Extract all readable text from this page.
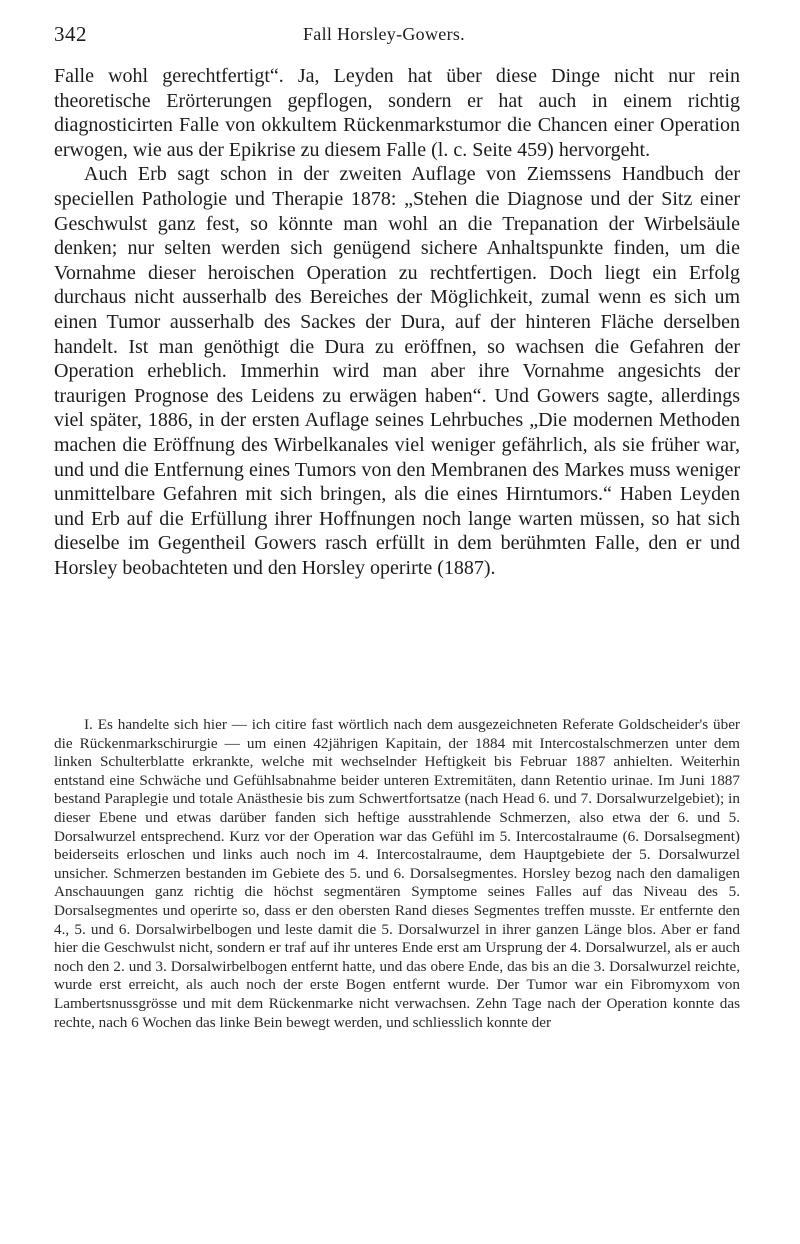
342	Fall Horsley-Gowers.

Falle wohl gerechtfertigt“. Ja, Leyden hat über diese Dinge nicht nur rein theoretische Erörterungen gepflogen, sondern er hat auch in einem richtig diagnosticirten Falle von okkultem Rückenmarkstumor die Chancen einer Operation erwogen, wie aus der Epikrise zu diesem Falle (l. c. Seite 459) hervorgeht.

Auch Erb sagt schon in der zweiten Auflage von Ziemssens Handbuch der speciellen Pathologie und Therapie 1878: „Stehen die Diagnose und der Sitz einer Geschwulst ganz fest, so könnte man wohl an die Trepanation der Wirbelsäule denken; nur selten werden sich genügend sichere Anhaltspunkte finden, um die Vornahme dieser heroischen Operation zu rechtfertigen. Doch liegt ein Erfolg durchaus nicht ausserhalb des Bereiches der Möglichkeit, zumal wenn es sich um einen Tumor ausserhalb des Sackes der Dura, auf der hinteren Fläche derselben handelt. Ist man genöthigt die Dura zu eröffnen, so wachsen die Gefahren der Operation erheblich. Immerhin wird man aber ihre Vornahme angesichts der traurigen Prognose des Leidens zu erwägen haben“. Und Gowers sagte, allerdings viel später, 1886, in der ersten Auflage seines Lehrbuches „Die modernen Methoden machen die Eröffnung des Wirbelkanales viel weniger gefährlich, als sie früher war, und und die Entfernung eines Tumors von den Membranen des Markes muss weniger unmittelbare Gefahren mit sich bringen, als die eines Hirntumors.“ Haben Leyden und Erb auf die Erfüllung ihrer Hoffnungen noch lange warten müssen, so hat sich dieselbe im Gegentheil Gowers rasch erfüllt in dem berühmten Falle, den er und Horsley beobachteten und den Horsley operirte (1887).

I. Es handelte sich hier — ich citire fast wörtlich nach dem ausgezeichneten Referate Goldscheider's über die Rückenmarkschirurgie — um einen 42jährigen Kapitain, der 1884 mit Intercostalschmerzen unter dem linken Schulterblatte erkrankte, welche mit wechselnder Heftigkeit bis Februar 1887 anhielten. Weiterhin entstand eine Schwäche und Gefühlsabnahme beider unteren Extremitäten, dann Retentio urinae. Im Juni 1887 bestand Paraplegie und totale Anästhesie bis zum Schwertfortsatze (nach Head 6. und 7. Dorsalwurzelgebiet); in dieser Ebene und etwas darüber fanden sich heftige ausstrahlende Schmerzen, also etwa der 6. und 5. Dorsalwurzel entsprechend. Kurz vor der Operation war das Gefühl im 5. Intercostalraume (6. Dorsalsegment) beiderseits erloschen und links auch noch im 4. Intercostalraume, dem Hauptgebiete der 5. Dorsalwurzel unsicher. Schmerzen bestanden im Gebiete des 5. und 6. Dorsalsegmentes. Horsley bezog nach den damaligen Anschauungen ganz richtig die höchst segmentären Symptome seines Falles auf das Niveau des 5. Dorsalsegmentes und operirte so, dass er den obersten Rand dieses Segmentes treffen musste. Er entfernte den 4., 5. und 6. Dorsalwirbelbogen und leste damit die 5. Dorsalwurzel in ihrer ganzen Länge blos. Aber er fand hier die Geschwulst nicht, sondern er traf auf ihr unteres Ende erst am Ursprung der 4. Dorsalwurzel, als er auch noch den 2. und 3. Dorsalwirbelbogen entfernt hatte, und das obere Ende, das bis an die 3. Dorsalwurzel reichte, wurde erst erreicht, als auch noch der erste Bogen entfernt wurde. Der Tumor war ein Fibromyxom von Lambertsnussgrösse und mit dem Rückenmarke nicht verwachsen. Zehn Tage nach der Operation konnte das rechte, nach 6 Wochen das linke Bein bewegt werden, und schliesslich konnte der
